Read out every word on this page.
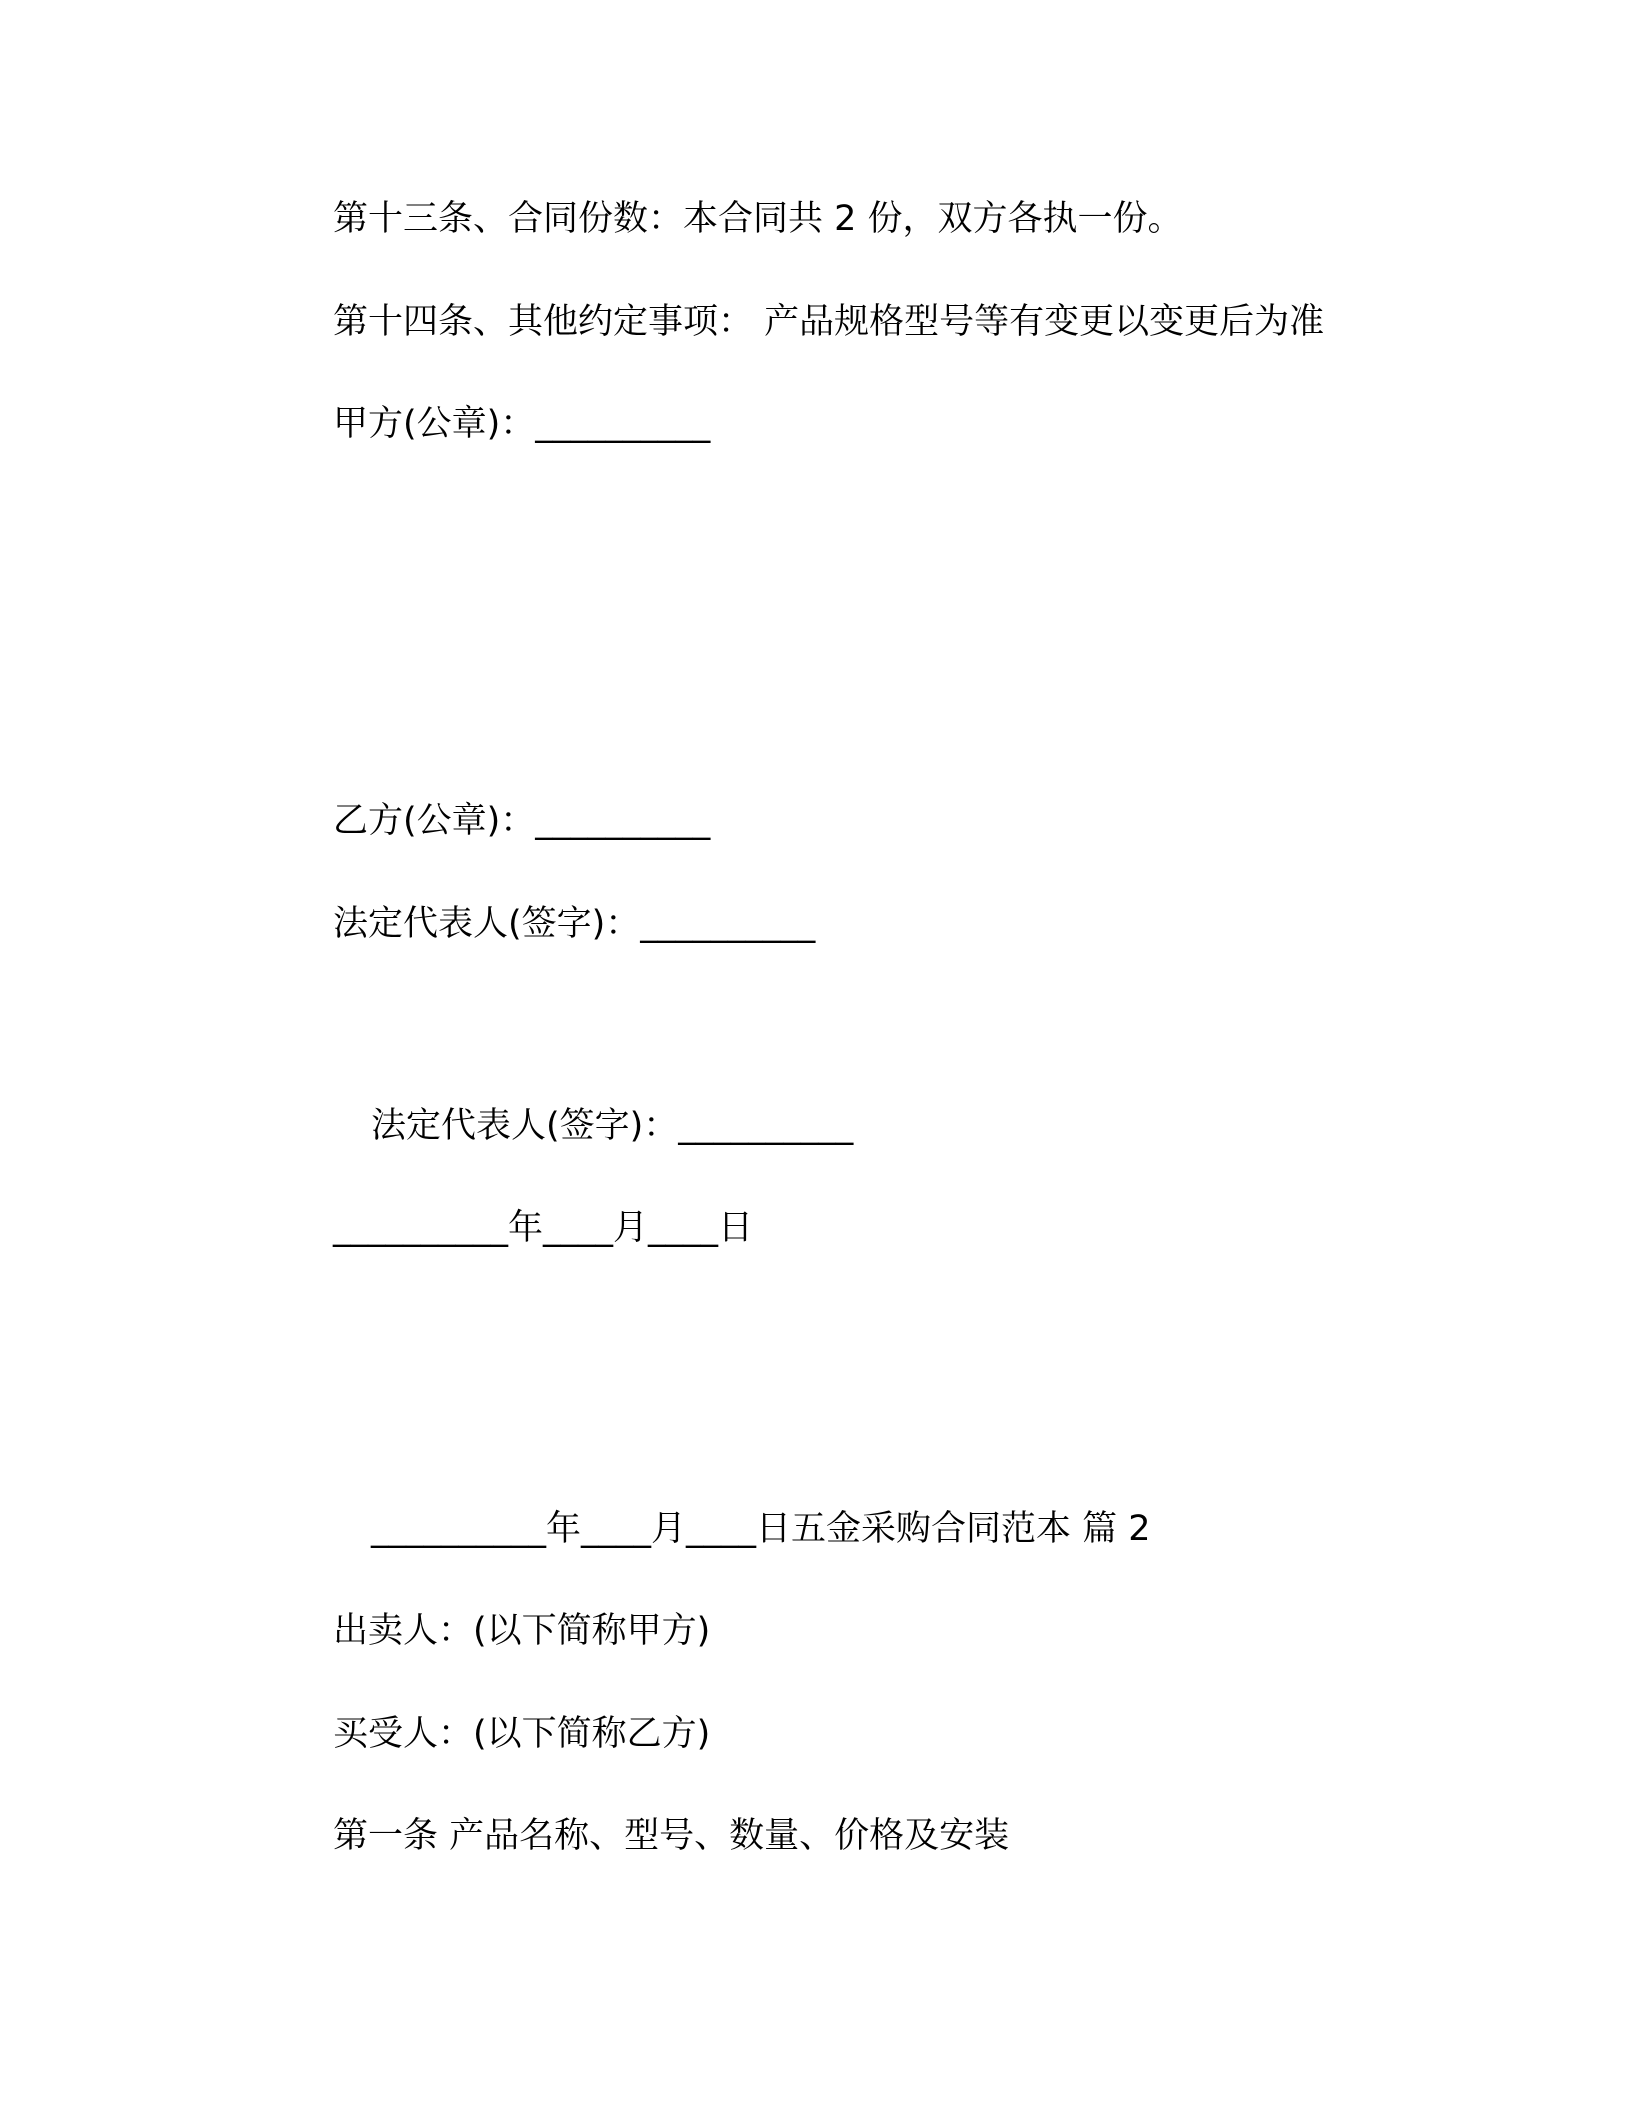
第十三条、合同份数：本合同共 2 份，双方各执一份。
第十四条、其他约定事项： 产品规格型号等有变更以变更后为准
甲方(公章)：__________
乙方(公章)：__________
法定代表人(签字)：__________
法定代表人(签字)：__________
__________年____月____日
__________年____月____日五金采购合同范本 篇 2
出卖人：(以下简称甲方)
买受人：(以下简称乙方)
第一条 产品名称、型号、数量、价格及安装
